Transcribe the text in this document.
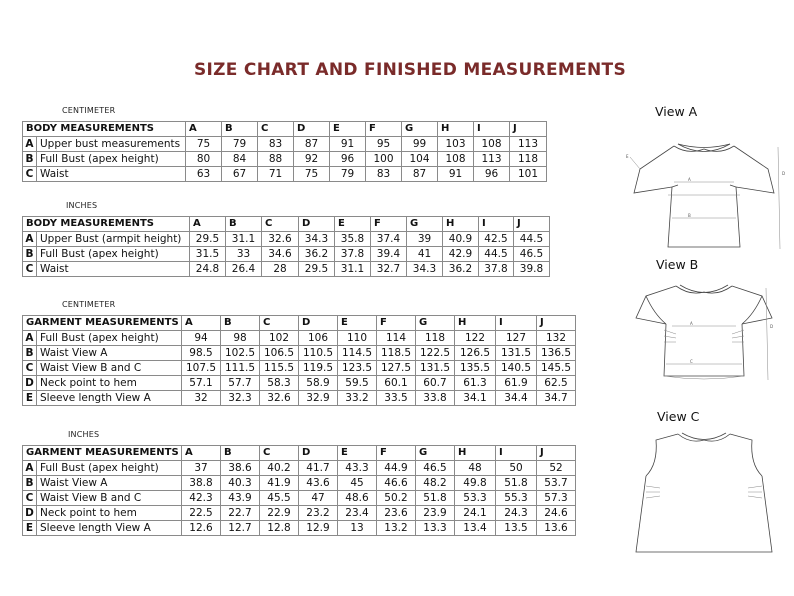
SIZE CHART AND FINISHED MEASUREMENTS
CENTIMETER
BODY MEASUREMENTS		A	B	C	D	E	F	G	H	I	J
A	Upper bust measurements	75	79	83	87	91	95	99	103	108	113
B	Full Bust (apex height)	80	84	88	92	96	100	104	108	113	118
C	Waist	63	67	71	75	79	83	87	91	96	101
INCHES
BODY MEASUREMENTS		A	B	C	D	E	F	G	H	I	J
A	Upper Bust (armpit height)	29.5	31.1	32.6	34.3	35.8	37.4	39	40.9	42.5	44.5
B	Full Bust (apex height)	31.5	33	34.6	36.2	37.8	39.4	41	42.9	44.5	46.5
C	Waist	24.8	26.4	28	29.5	31.1	32.7	34.3	36.2	37.8	39.8
CENTIMETER
GARMENT MEASUREMENTS		A	B	C	D	E	F	G	H	I	J
A	Full Bust (apex height)	94	98	102	106	110	114	118	122	127	132
B	Waist View A	98.5	102.5	106.5	110.5	114.5	118.5	122.5	126.5	131.5	136.5
C	Waist View B and C	107.5	111.5	115.5	119.5	123.5	127.5	131.5	135.5	140.5	145.5
D	Neck point to hem	57.1	57.7	58.3	58.9	59.5	60.1	60.7	61.3	61.9	62.5
E	Sleeve length View A	32	32.3	32.6	32.9	33.2	33.5	33.8	34.1	34.4	34.7
INCHES
GARMENT MEASUREMENTS		A	B	C	D	E	F	G	H	I	J
A	Full Bust (apex height)	37	38.6	40.2	41.7	43.3	44.9	46.5	48	50	52
B	Waist View A	38.8	40.3	41.9	43.6	45	46.6	48.2	49.8	51.8	53.7
C	Waist View B and C	42.3	43.9	45.5	47	48.6	50.2	51.8	53.3	55.3	57.3
D	Neck point to hem	22.5	22.7	22.9	23.2	23.4	23.6	23.9	24.1	24.3	24.6
E	Sleeve length View A	12.6	12.7	12.8	12.9	13	13.2	13.3	13.4	13.5	13.6
View A
View B
View C
E
A
B
D
A
C
D
